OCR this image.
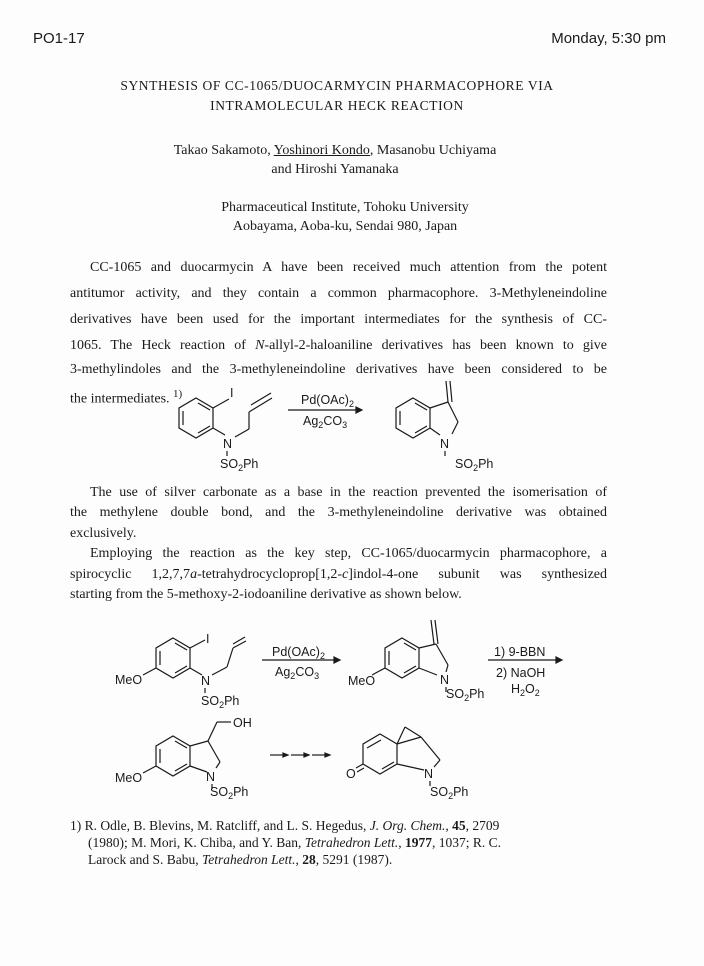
PO1-17	Monday, 5:30 pm
SYNTHESIS OF CC-1065/DUOCARMYCIN PHARMACOPHORE VIA
INTRAMOLECULAR HECK REACTION
Takao Sakamoto, Yoshinori Kondo, Masanobu Uchiyama
and Hiroshi Yamanaka
Pharmaceutical Institute, Tohoku University
Aobayama, Aoba-ku, Sendai 980, Japan
CC-1065 and duocarmycin A have been received much attention from the potent
antitumor activity, and they contain a common pharmacophore. 3-Methyleneindoline
derivatives have been used for the important intermediates for the synthesis of CC-
1065. The Heck reaction of N-allyl-2-haloaniline derivatives has been known to give
3-methylindoles and the 3-methyleneindoline derivatives have been considered to be
the intermediates. $^{1)}$
The use of silver carbonate as a base in the reaction prevented the isomerisation of
the methylene double bond, and the 3-methyleneindoline derivative was obtained
exclusively.
Employing the reaction as the key step, CC-1065/duocarmycin pharmacophore, a
spirocyclic 1,2,7,7a-tetrahydrocycloprop[1,2-c]indol-4-one subunit was synthesized
starting from the 5-methoxy-2-iodoaniline derivative as shown below.
1) R. Odle, B. Blevins, M. Ratcliff, and L. S. Hegedus, J. Org. Chem., 45, 2709
(1980); M. Mori, K. Chiba, and Y. Ban, Tetrahedron Lett., 1977, 1037; R. C.
Larock and S. Babu, Tetrahedron Lett., 28, 5291 (1987).
I
N
$SO_2Ph$
$Pd(OAc)_2$
$Ag_2CO_3$
N
$SO_2Ph$
I
MeO	N
$SO_2Ph$
$Pd(OAc)_2$
$Ag_2CO_3$ MeO	N
$SO_2Ph$
1) 9-BBN
2) NaOH
$H_2O_2$
OH
MeO	N
$SO_2Ph$
O	N
$SO_2Ph$
